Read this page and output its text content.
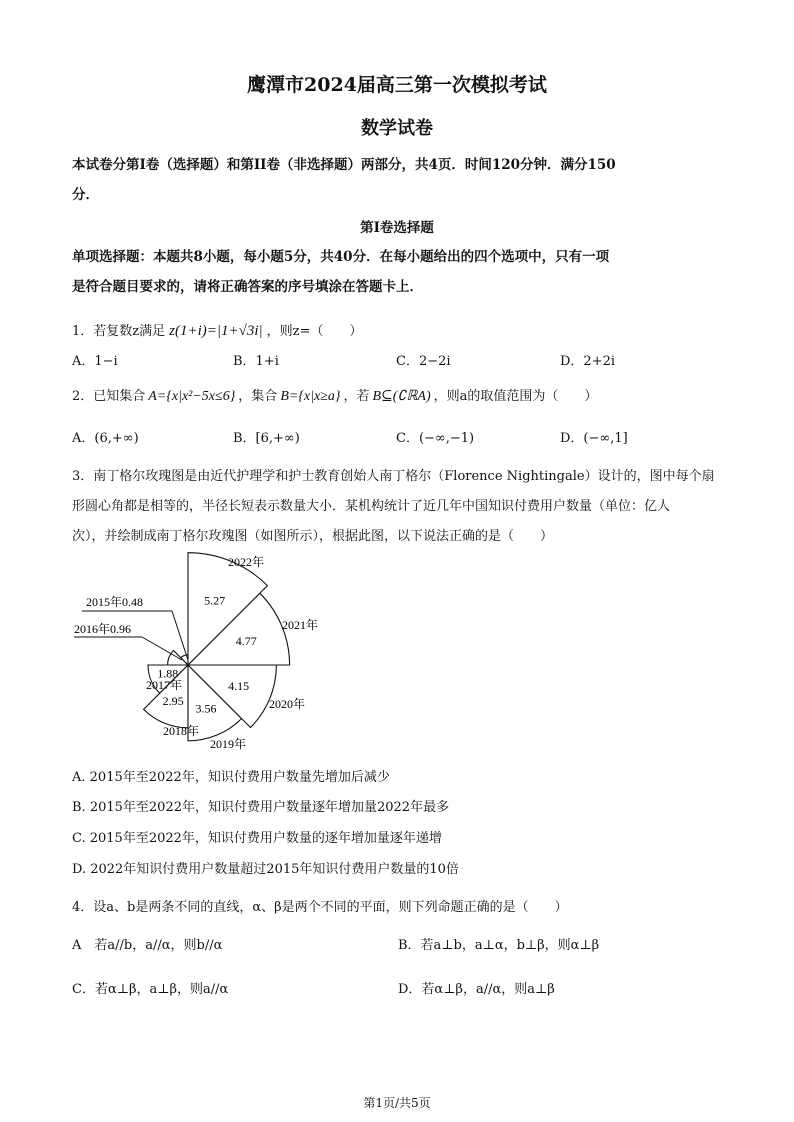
鹰潭市2024届高三第一次模拟考试
数学试卷
本试卷分第I卷（选择题）和第II卷（非选择题）两部分，共4页．时间120分钟．满分150
分．
第I卷选择题
单项选择题：本题共8小题，每小题5分，共40分．在每小题给出的四个选项中，只有一项
是符合题目要求的，请将正确答案的序号填涂在答题卡上．
1．若复数z满足 z(1+i)=|1+√3i| ，则z=（　　）
A．1−i	B．1+i	C．2−2i	D．2+2i
2．已知集合 A={x|x²−5x≤6} ，集合 B={x|x≥a} ，若 B⊆(∁ℝA) ，则a的取值范围为（　　）
A．(6,+∞)	B．[6,+∞)	C．(−∞,−1)	D．(−∞,1]
3．南丁格尔玫瑰图是由近代护理学和护士教育创始人南丁格尔（Florence Nightingale）设计的，图中每个扇
形圆心角都是相等的，半径长短表示数量大小．某机构统计了近几年中国知识付费用户数量（单位：亿人
次），并绘制成南丁格尔玫瑰图（如图所示），根据此图，以下说法正确的是（　　）
1.88
2.95
3.56
4.15
4.77
5.27
2017年
2018年
2019年
2020年
2021年
2022年
2015年0.48
2016年0.96
A. 2015年至2022年，知识付费用户数量先增加后减少
B. 2015年至2022年，知识付费用户数量逐年增加量2022年最多
C. 2015年至2022年，知识付费用户数量的逐年增加量逐年递增
D. 2022年知识付费用户数量超过2015年知识付费用户数量的10倍
4．设a、b是两条不同的直线，α、β是两个不同的平面，则下列命题正确的是（　　）
A　若a//b，a//α，则b//α	B．若a⊥b，a⊥α，b⊥β，则α⊥β
C．若α⊥β，a⊥β，则a//α	D．若α⊥β，a//α，则a⊥β
第1页/共5页
